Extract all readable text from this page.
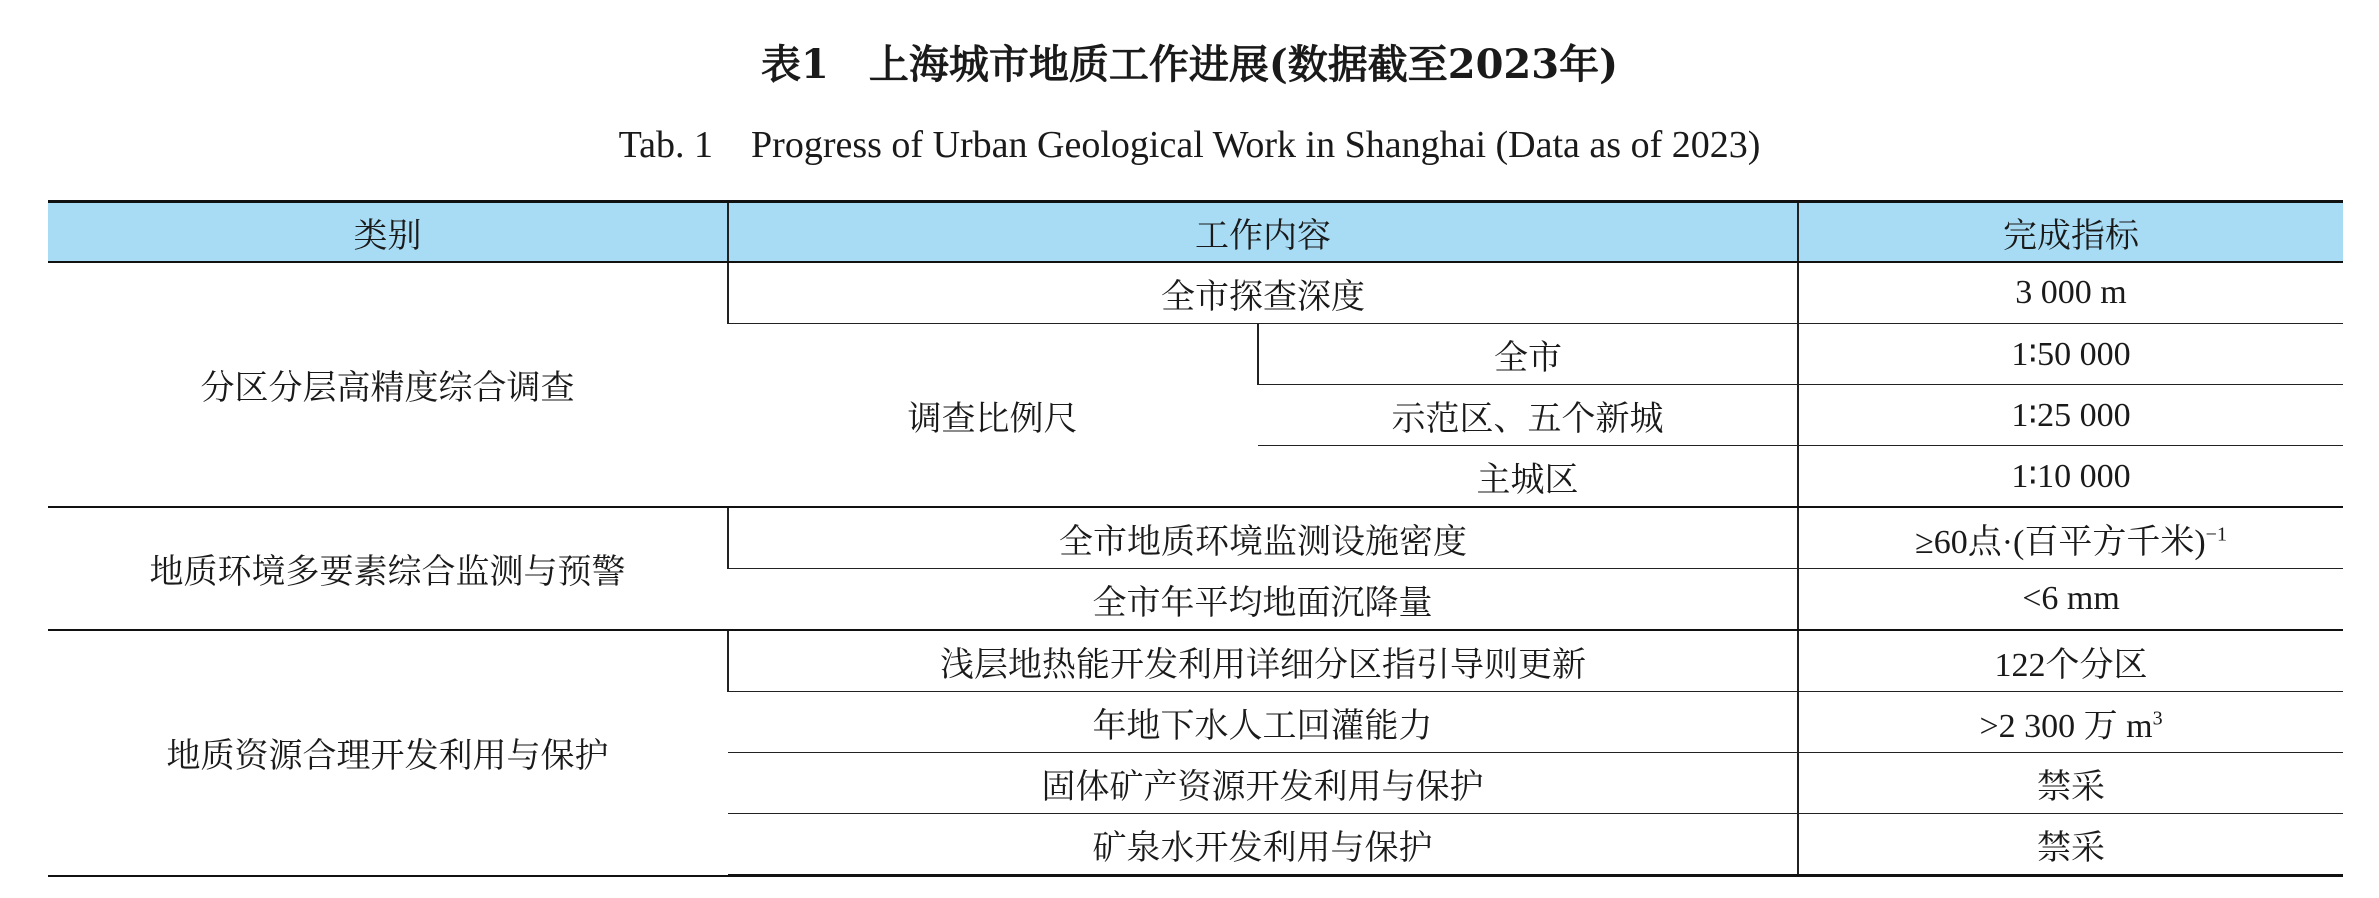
表1　上海城市地质工作进展(数据截至2023年)
Tab. 1　Progress of Urban Geological Work in Shanghai (Data as of 2023)
类别	工作内容		完成指标
分区分层高精度综合调查	全市探查深度		3 000 m
	调查比例尺	全市	1∶50 000
		示范区、五个新城	1∶25 000
		主城区	1∶10 000
地质环境多要素综合监测与预警	全市地质环境监测设施密度		≥60点·(百平方千米)$^{-1}$
	全市年平均地面沉降量		<6 mm
地质资源合理开发利用与保护	浅层地热能开发利用详细分区指引导则更新		122个分区
	年地下水人工回灌能力		>2 300 万 $m^3$
	固体矿产资源开发利用与保护		禁采
	矿泉水开发利用与保护		禁采
